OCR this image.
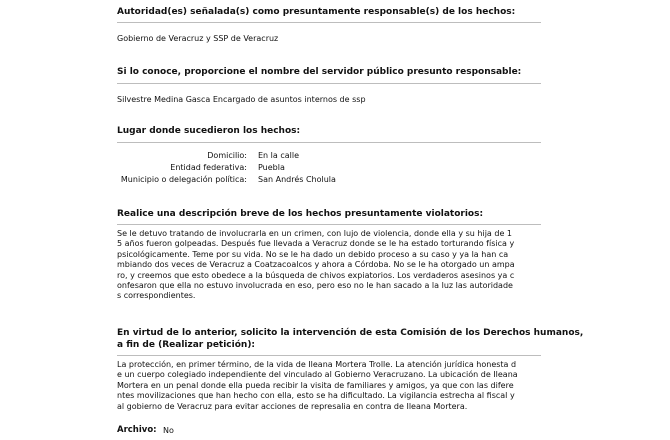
Autoridad(es) señalada(s) como presuntamente responsable(s) de los hechos:
Gobierno de Veracruz y SSP de Veracruz
Si lo conoce, proporcione el nombre del servidor público presunto responsable:
Silvestre Medina Gasca Encargado de asuntos internos de ssp
Lugar donde sucedieron los hechos:
Domicilio: En la calle
Entidad federativa: Puebla
Municipio o delegación política: San Andrés Cholula
Realice una descripción breve de los hechos presuntamente violatorios:
Se le detuvo tratando de involucrarla en un crimen, con lujo de violencia, donde ella y su hija de 1
5 años fueron golpeadas. Después fue llevada a Veracruz donde se le ha estado torturando física y
psicológicamente. Teme por su vida. No se le ha dado un debido proceso a su caso y ya la han ca
mbiando dos veces de Veracruz a Coatzacoalcos y ahora a Córdoba. No se le ha otorgado un ampa
ro, y creemos que esto obedece a la búsqueda de chivos expiatorios. Los verdaderos asesinos ya c
onfesaron que ella no estuvo involucrada en eso, pero eso no le han sacado a la luz las autoridade
s correspondientes.
En virtud de lo anterior, solicito la intervención de esta Comisión de los Derechos humanos,
a fin de (Realizar petición):
La protección, en primer término, de la vida de Ileana Mortera Trolle. La atención jurídica honesta d
e un cuerpo colegiado independiente del vinculado al Gobierno Veracruzano. La ubicación de Ileana
Mortera en un penal donde ella pueda recibir la visita de familiares y amigos, ya que con las difere
ntes movilizaciones que han hecho con ella, esto se ha dificultado. La vigilancia estrecha al fiscal y
al gobierno de Veracruz para evitar acciones de represalia en contra de Ileana Mortera.
Archivo: No
